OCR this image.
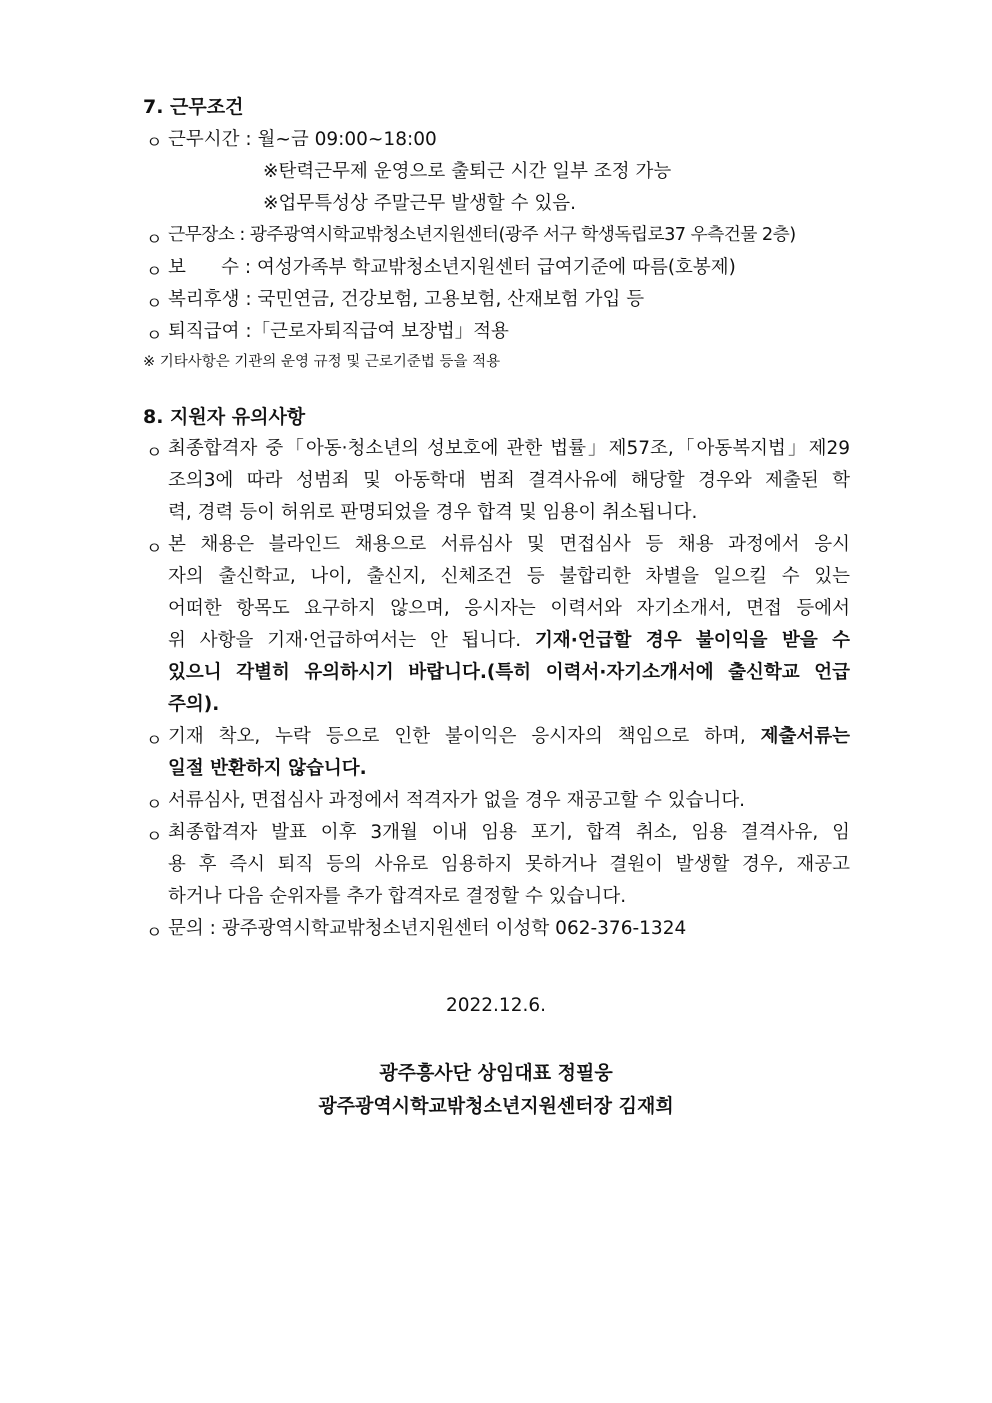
7. 근무조건
ㅇ 근무시간 : 월~금 09:00~18:00
※탄력근무제 운영으로 출퇴근 시간 일부 조정 가능
※업무특성상 주말근무 발생할 수 있음.
ㅇ 근무장소 : 광주광역시학교밖청소년지원센터(광주 서구 학생독립로37 우측건물 2층)
ㅇ 보      수 : 여성가족부 학교밖청소년지원센터 급여기준에 따름(호봉제)
ㅇ 복리후생 : 국민연금, 건강보험, 고용보험, 산재보험 가입 등
ㅇ 퇴직급여 :「근로자퇴직급여 보장법」적용
※ 기타사항은 기관의 운영 규정 및 근로기준법 등을 적용
8. 지원자 유의사항
ㅇ 최종합격자 중「아동·청소년의 성보호에 관한 법률」제57조,「아동복지법」제29
조의3에 따라 성범죄 및 아동학대 범죄 결격사유에 해당할 경우와 제출된 학
력, 경력 등이 허위로 판명되었을 경우 합격 및 임용이 취소됩니다.
ㅇ 본 채용은 블라인드 채용으로 서류심사 및 면접심사 등 채용 과정에서 응시
자의 출신학교, 나이, 출신지, 신체조건 등 불합리한 차별을 일으킬 수 있는
어떠한 항목도 요구하지 않으며, 응시자는 이력서와 자기소개서, 면접 등에서
위 사항을 기재·언급하여서는 안 됩니다. 기재·언급할 경우 불이익을 받을 수
있으니 각별히 유의하시기 바랍니다.(특히 이력서·자기소개서에 출신학교 언급
주의).
ㅇ 기재 착오, 누락 등으로 인한 불이익은 응시자의 책임으로 하며, 제출서류는
일절 반환하지 않습니다.
ㅇ 서류심사, 면접심사 과정에서 적격자가 없을 경우 재공고할 수 있습니다.
ㅇ 최종합격자 발표 이후 3개월 이내 임용 포기, 합격 취소, 임용 결격사유, 임
용 후 즉시 퇴직 등의 사유로 임용하지 못하거나 결원이 발생할 경우, 재공고
하거나 다음 순위자를 추가 합격자로 결정할 수 있습니다.
ㅇ 문의 : 광주광역시학교밖청소년지원센터 이성학 062-376-1324
2022.12.6.
광주흥사단 상임대표 정필웅
광주광역시학교밖청소년지원센터장 김재희
